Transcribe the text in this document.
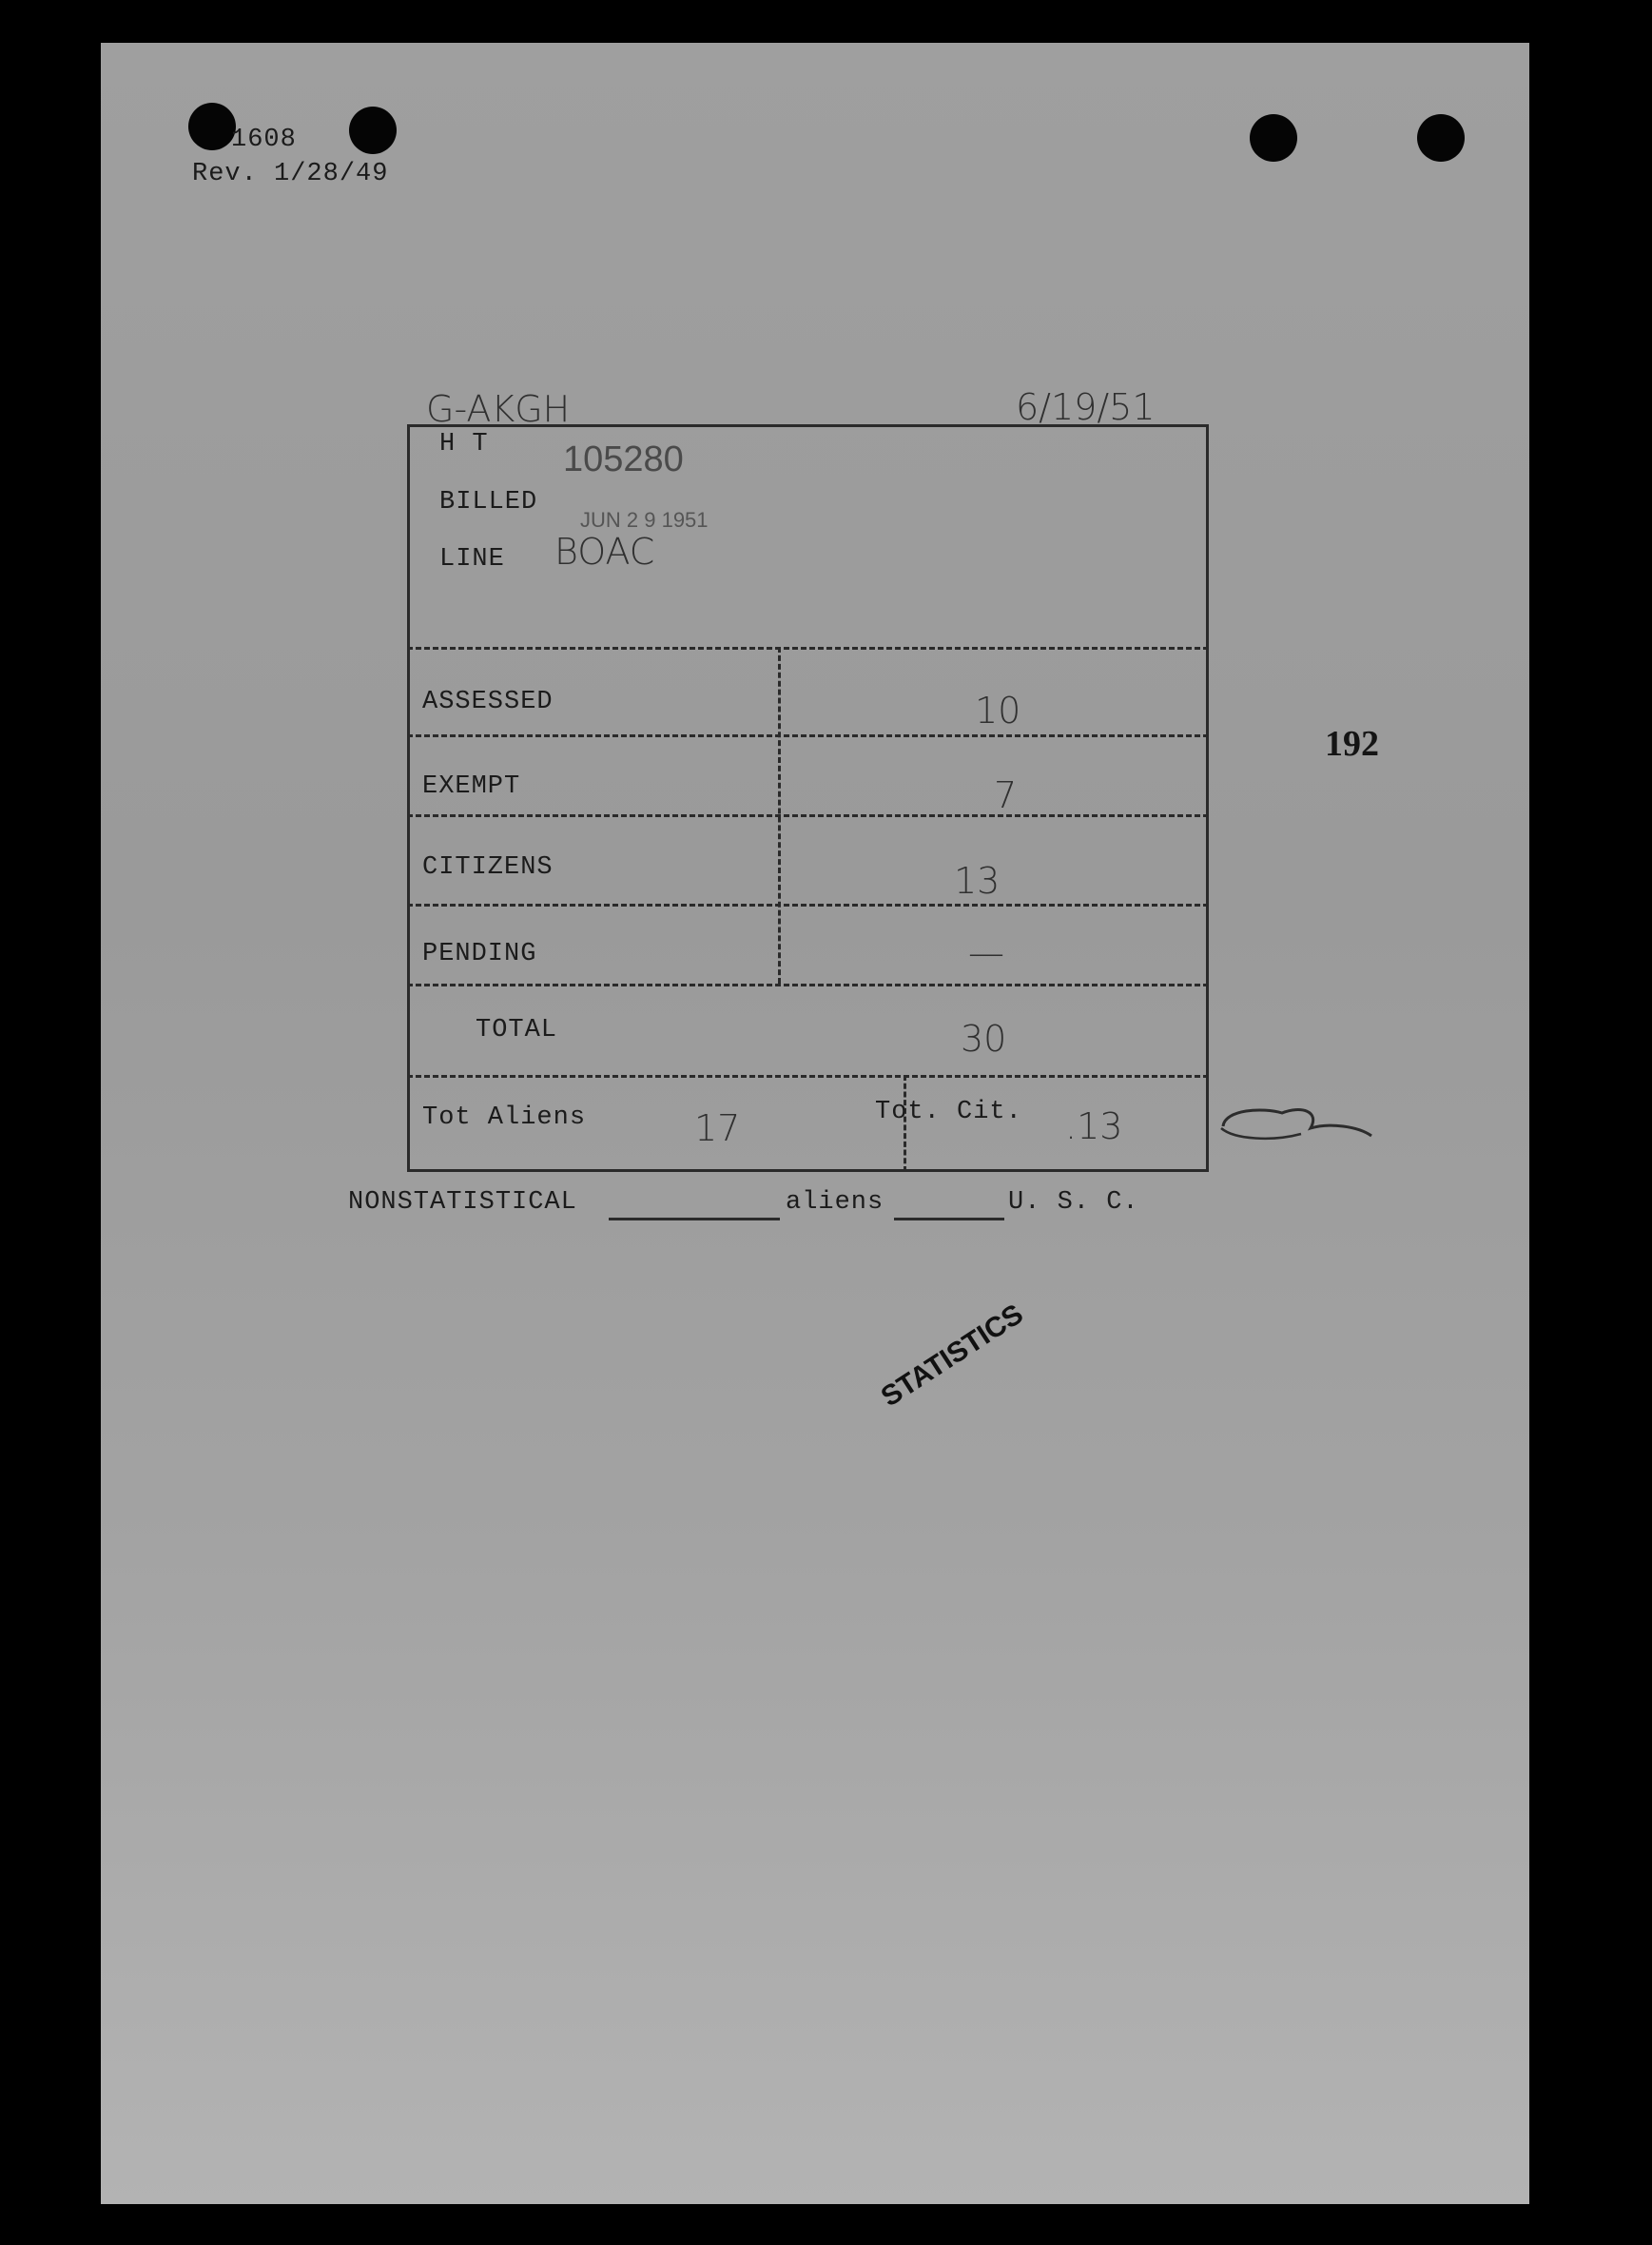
1608
Rev. 1/28/49
G-AKGH	6/19/51
H T 105280
BILLED
JUN 2 9 1951
LINE BOAC
ASSESSED	10
EXEMPT	7
CITIZENS	13
PENDING	—
TOTAL	30
Tot Aliens	17	Tot. Cit. .13
NONSTATISTICAL	aliens	U. S. C.
192
STATISTICS
